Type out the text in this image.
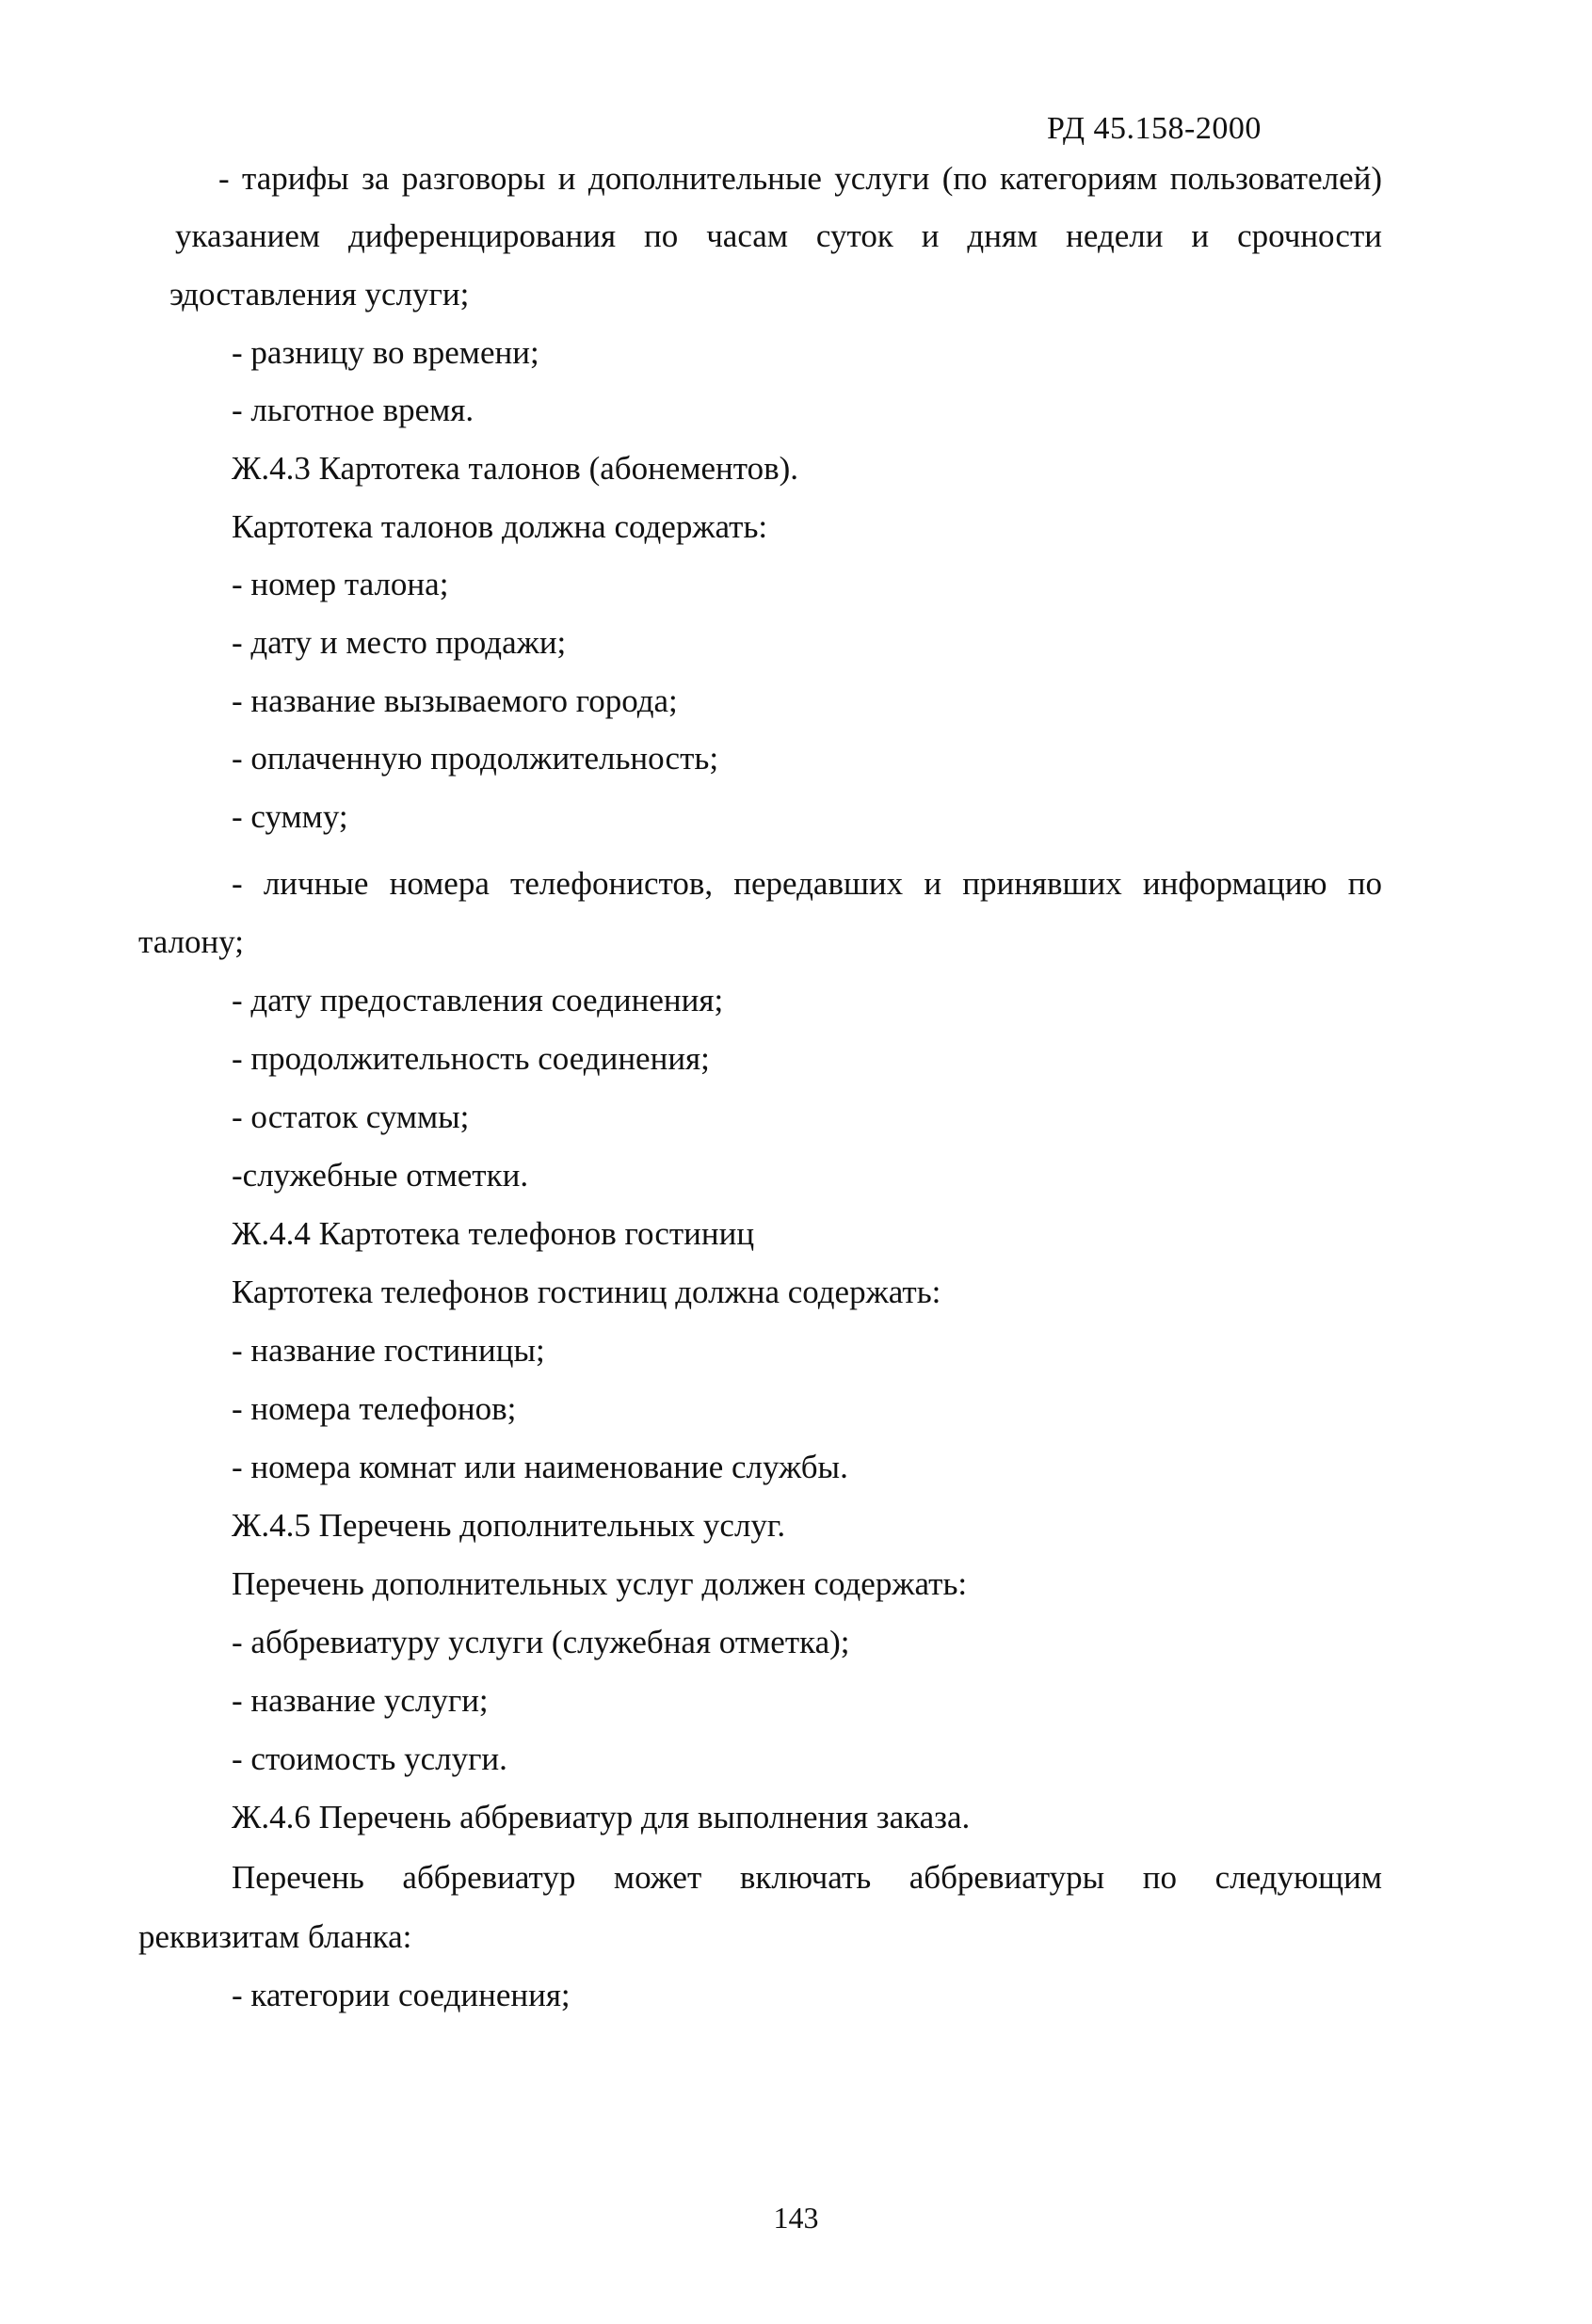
РД 45.158-2000
- тарифы за разговоры и дополнительные услуги (по категориям пользователей)
указанием диференцирования по часам суток и дням недели и срочности
эдоставления услуги;
- разницу во времени;
- льготное время.
Ж.4.3 Картотека талонов (абонементов).
Картотека талонов должна содержать:
- номер талона;
- дату и место продажи;
- название вызываемого города;
- оплаченную продолжительность;
- сумму;
- личные номера телефонистов, передавших и принявших информацию по
талону;
- дату предоставления соединения;
- продолжительность соединения;
- остаток суммы;
-служебные отметки.
Ж.4.4 Картотека телефонов гостиниц
Картотека телефонов гостиниц должна содержать:
- название гостиницы;
- номера телефонов;
- номера комнат или наименование службы.
Ж.4.5 Перечень дополнительных услуг.
Перечень дополнительных услуг должен содержать:
- аббревиатуру услуги (служебная отметка);
- название услуги;
- стоимость услуги.
Ж.4.6 Перечень аббревиатур для выполнения заказа.
Перечень аббревиатур может включать аббревиатуры по следующим
реквизитам бланка:
- категории соединения;
143
